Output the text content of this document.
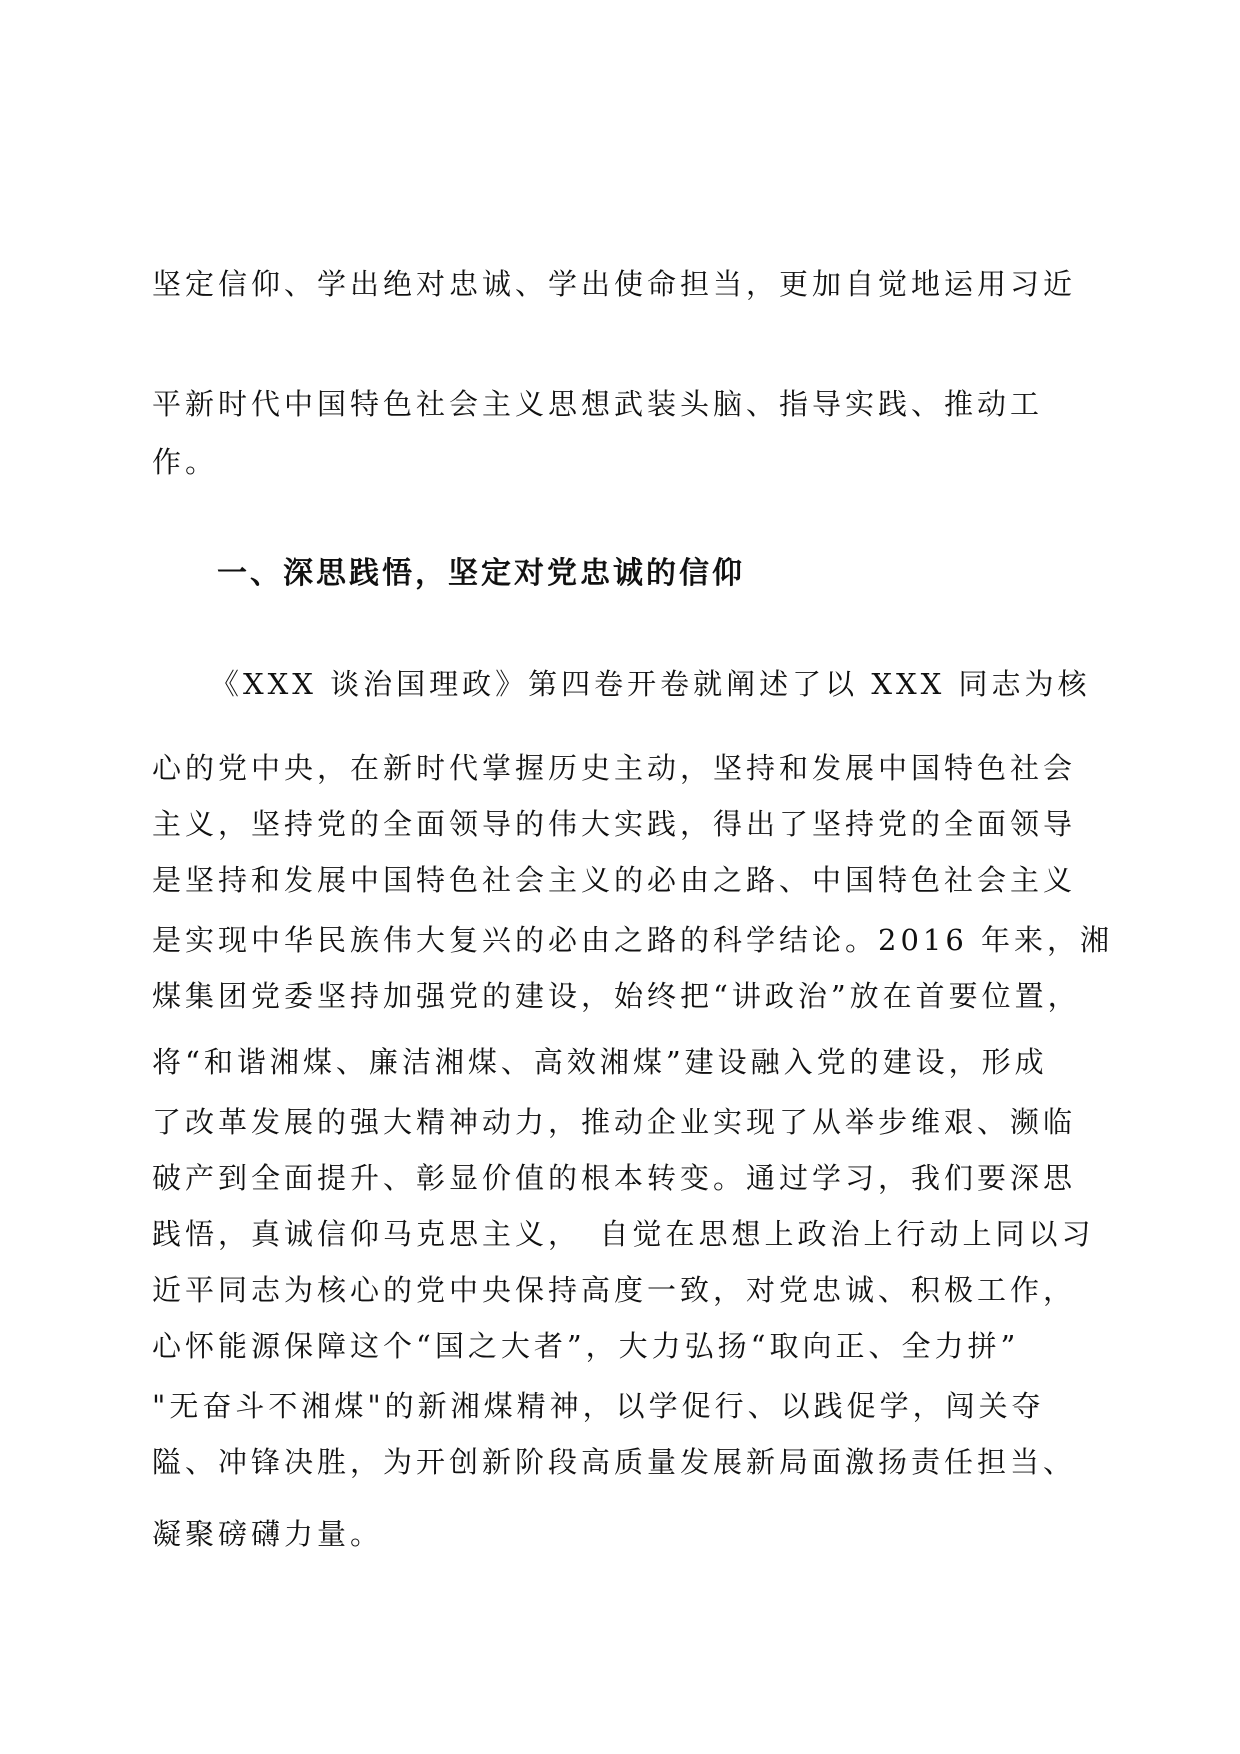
坚定信仰、学出绝对忠诚、学出使命担当，更加自觉地运用习近
平新时代中国特色社会主义思想武装头脑、指导实践、推动工
作。
一、深思践悟，坚定对党忠诚的信仰
《XXX 谈治国理政》第四卷开卷就阐述了以 XXX 同志为核
心的党中央，在新时代掌握历史主动，坚持和发展中国特色社会
主义，坚持党的全面领导的伟大实践，得出了坚持党的全面领导
是坚持和发展中国特色社会主义的必由之路、中国特色社会主义
是实现中华民族伟大复兴的必由之路的科学结论。2016 年来，湘
煤集团党委坚持加强党的建设，始终把“讲政治”放在首要位置，
将“和谐湘煤、廉洁湘煤、高效湘煤”建设融入党的建设，形成
了改革发展的强大精神动力，推动企业实现了从举步维艰、濒临
破产到全面提升、彰显价值的根本转变。通过学习，我们要深思
践悟，真诚信仰马克思主义，　自觉在思想上政治上行动上同以习
近平同志为核心的党中央保持高度一致，对党忠诚、积极工作，
心怀能源保障这个“国之大者”，大力弘扬“取向正、全力拼”
"无奋斗不湘煤"的新湘煤精神，以学促行、以践促学，闯关夺
隘、冲锋决胜，为开创新阶段高质量发展新局面激扬责任担当、
凝聚磅礴力量。
